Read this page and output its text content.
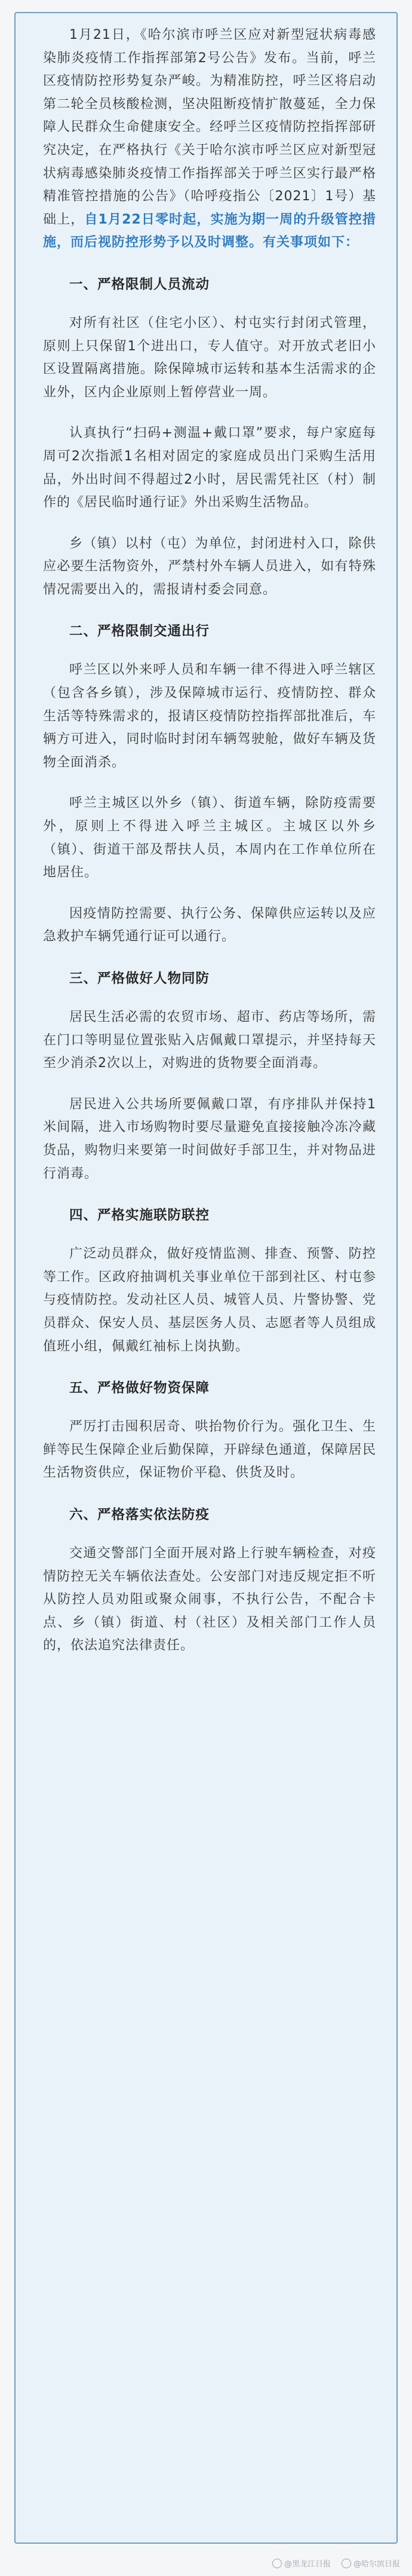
1月21日，《哈尔滨市呼兰区应对新型冠状病毒感染肺炎疫情工作指挥部第2号公告》发布。当前，呼兰区疫情防控形势复杂严峻。为精准防控，呼兰区将启动第二轮全员核酸检测，坚决阻断疫情扩散蔓延，全力保障人民群众生命健康安全。经呼兰区疫情防控指挥部研究决定，在严格执行《关于哈尔滨市呼兰区应对新型冠状病毒感染肺炎疫情工作指挥部关于呼兰区实行最严格精准管控措施的公告》（哈呼疫指公〔2021〕1号）基础上，自1月22日零时起，实施为期一周的升级管控措施，而后视防控形势予以及时调整。有关事项如下：

一、严格限制人员流动

对所有社区（住宅小区）、村屯实行封闭式管理，原则上只保留1个进出口，专人值守。对开放式老旧小区设置隔离措施。除保障城市运转和基本生活需求的企业外，区内企业原则上暂停营业一周。

认真执行“扫码+测温+戴口罩”要求，每户家庭每周可2次指派1名相对固定的家庭成员出门采购生活用品，外出时间不得超过2小时，居民需凭社区（村）制作的《居民临时通行证》外出采购生活物品。

乡（镇）以村（屯）为单位，封闭进村入口，除供应必要生活物资外，严禁村外车辆人员进入，如有特殊情况需要出入的，需报请村委会同意。

二、严格限制交通出行

呼兰区以外来呼人员和车辆一律不得进入呼兰辖区（包含各乡镇），涉及保障城市运行、疫情防控、群众生活等特殊需求的，报请区疫情防控指挥部批准后，车辆方可进入，同时临时封闭车辆驾驶舱，做好车辆及货物全面消杀。

呼兰主城区以外乡（镇）、街道车辆，除防疫需要外，原则上不得进入呼兰主城区。主城区以外乡（镇）、街道干部及帮扶人员，本周内在工作单位所在地居住。

因疫情防控需要、执行公务、保障供应运转以及应急救护车辆凭通行证可以通行。

三、严格做好人物同防

居民生活必需的农贸市场、超市、药店等场所，需在门口等明显位置张贴入店佩戴口罩提示，并坚持每天至少消杀2次以上，对购进的货物要全面消毒。

居民进入公共场所要佩戴口罩，有序排队并保持1米间隔，进入市场购物时要尽量避免直接接触冷冻冷藏货品，购物归来要第一时间做好手部卫生，并对物品进行消毒。

四、严格实施联防联控

广泛动员群众，做好疫情监测、排查、预警、防控等工作。区政府抽调机关事业单位干部到社区、村屯参与疫情防控。发动社区人员、城管人员、片警协警、党员群众、保安人员、基层医务人员、志愿者等人员组成值班小组，佩戴红袖标上岗执勤。

五、严格做好物资保障

严厉打击囤积居奇、哄抬物价行为。强化卫生、生鲜等民生保障企业后勤保障，开辟绿色通道，保障居民生活物资供应，保证物价平稳、供货及时。

六、严格落实依法防疫

交通交警部门全面开展对路上行驶车辆检查，对疫情防控无关车辆依法查处。公安部门对违反规定拒不听从防控人员劝阻或聚众闹事，不执行公告，不配合卡点、乡（镇）街道、村（社区）及相关部门工作人员的，依法追究法律责任。

@黑龙江日报	@哈尔滨日报
